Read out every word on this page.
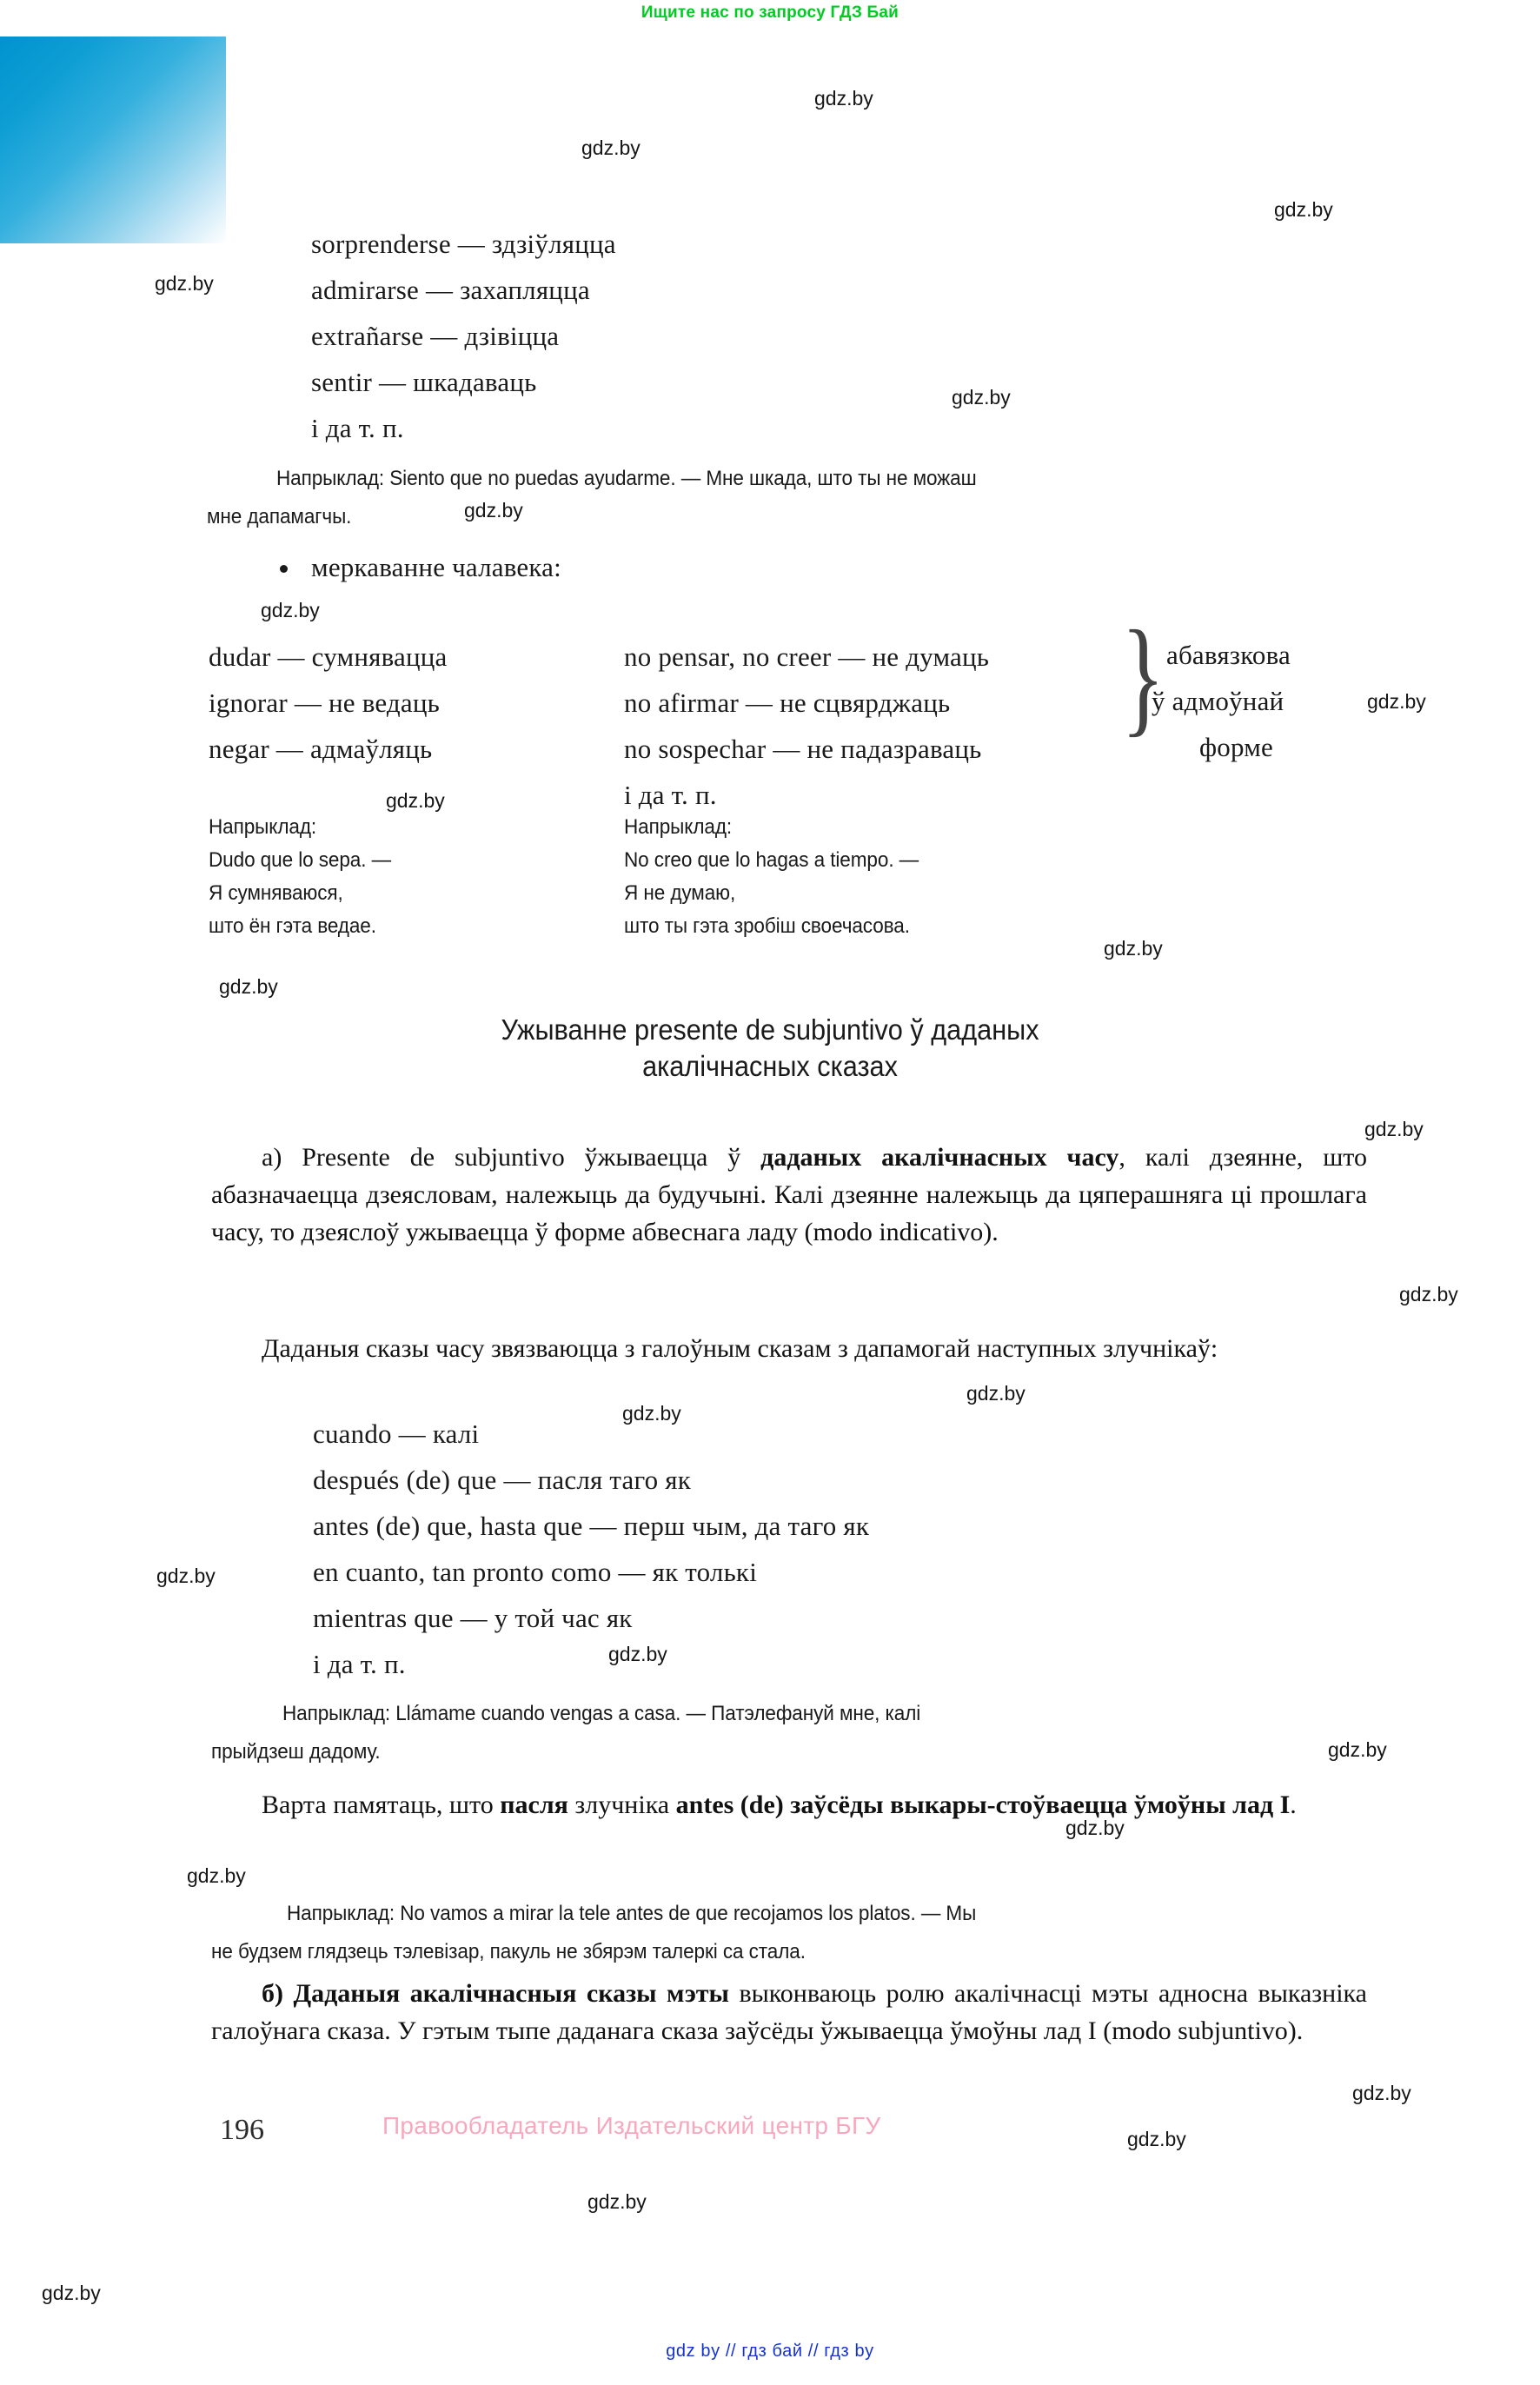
Ищите нас по запросу ГДЗ Бай
sorprenderse — здзіўляцца
admirarse — захапляцца
extrañarse — дзівіцца
sentir — шкадаваць
і да т. п.
Напрыклад: Siento que no puedas ayudarme. — Мне шкада, што ты не можаш
мне дапамагчы.
меркаванне чалавека:
dudar — сумнявацца
ignorar — не ведаць
negar — адмаўляць
no pensar, no creer — не думаць
no afirmar — не сцвярджаць
no sospechar — не падазраваць
і да т. п.
} абавязкова
ў адмоўнай
форме
Напрыклад:
Dudo que lo sepa. —
Я сумняваюся,
што ён гэта ведае.
Напрыклад:
No creo que lo hagas a tiempo. —
Я не думаю,
што ты гэта зробіш своечасова.
Ужыванне presente de subjuntivo ў даданых
акалічнасных сказах
а) Presente de subjuntivo ўжываецца ў даданых акалічнасных часу, калі дзеянне, што абазначаецца дзеясловам, належыць да будучыні. Калі дзеянне належыць да цяперашняга ці прошлага часу, то дзеяслоў ужываецца ў форме абвеснага ладу (modo indicativo).
Даданыя сказы часу звязваюцца з галоўным сказам з дапамогай наступных злучнікаў:
cuando — калі
después (de) que — пасля таго як
antes (de) que, hasta que — перш чым, да таго як
en cuanto, tan pronto como — як толькі
mientras que — у той час як
і да т. п.
Напрыклад: Llámame cuando vengas a casa. — Патэлефануй мне, калі
прыйдзеш дадому.
Варта памятаць, што пасля злучніка antes (de) заўсёды выкары-стоўваецца ўмоўны лад I.
Напрыклад: No vamos a mirar la tele antes de que recojamos los platos. — Мы
не будзем глядзець тэлевізар, пакуль не збярэм талеркі са стала.
б) Даданыя акалічнасныя сказы мэты выконваюць ролю акалічнасці мэты адносна выказніка галоўнага сказа. У гэтым тыпе даданага сказа заўсёды ўжываецца ўмоўны лад I (modo subjuntivo).
196	Правообладатель Издательский центр БГУ
gdz by // гдз бай // гдз by
gdz.by
gdz.by
gdz.by
gdz.by
gdz.by
gdz.by
gdz.by
gdz.by
gdz.by
gdz.by
gdz.by
gdz.by
gdz.by
gdz.by
gdz.by
gdz.by
gdz.by
gdz.by
gdz.by
gdz.by
gdz.by
gdz.by
gdz.by
gdz.by
